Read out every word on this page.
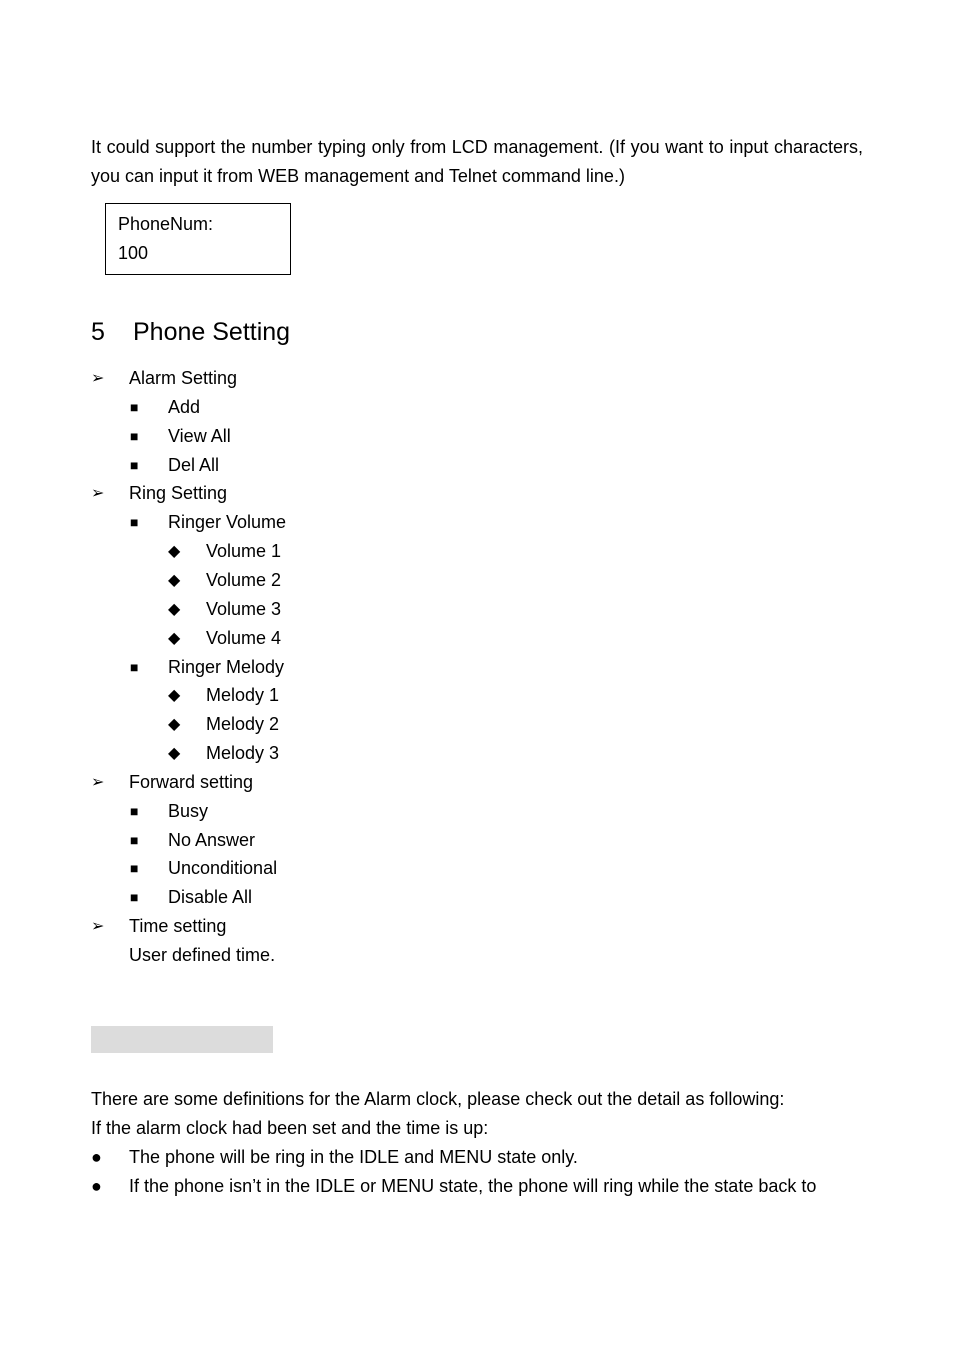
It could support the number typing only from LCD management. (If you want to input characters, you can input it from WEB management and Telnet command line.)

PhoneNum:
100
5 Phone Setting
➢ Alarm Setting
■ Add
■ View All
■ Del All
➢ Ring Setting
■ Ringer Volume
◆ Volume 1
◆ Volume 2
◆ Volume 3
◆ Volume 4
■ Ringer Melody
◆ Melody 1
◆ Melody 2
◆ Melody 3
➢ Forward setting
■ Busy
■ No Answer
■ Unconditional
■ Disable All
➢ Time setting
User defined time.

There are some definitions for the Alarm clock, please check out the detail as following:

If the alarm clock had been set and the time is up:

● The phone will be ring in the IDLE and MENU state only.
● If the phone isn’t in the IDLE or MENU state, the phone will ring while the state back to
